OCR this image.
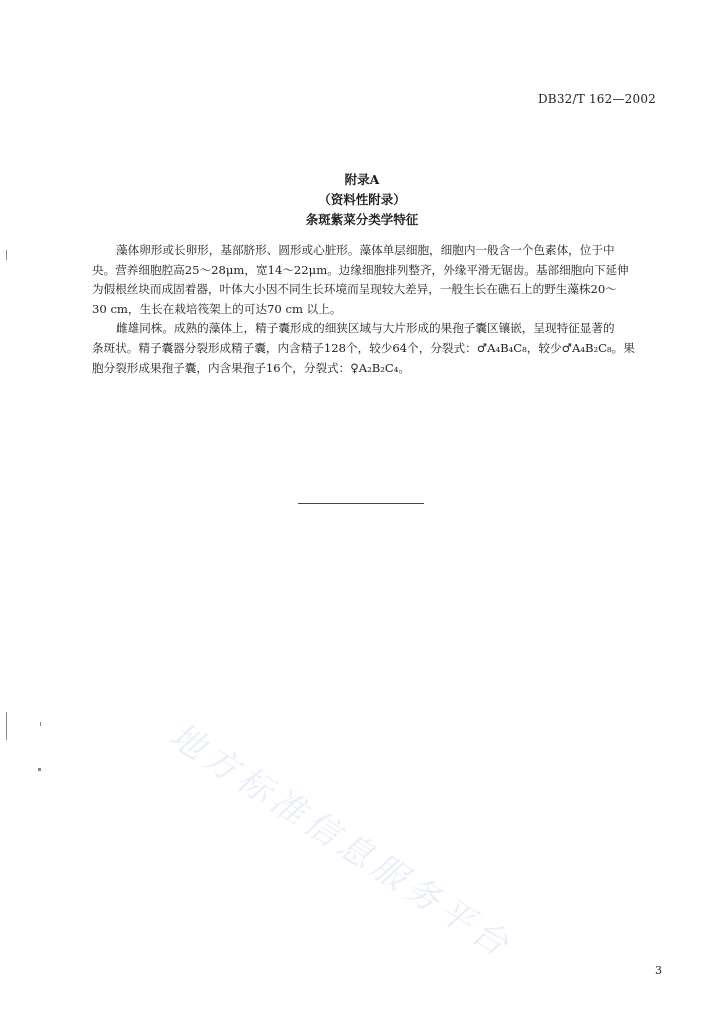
DB32/T 162—2002
附录A
（资料性附录）
条斑紫菜分类学特征
藻体卵形或长卵形，基部脐形、圆形或心脏形。藻体单层细胞，细胞内一般含一个色素体，位于中
央。营养细胞腔高25～28μm，宽14～22μm。边缘细胞排列整齐，外缘平滑无锯齿。基部细胞向下延伸
为假根丝块而成固着器，叶体大小因不同生长环境而呈现较大差异，一般生长在礁石上的野生藻株20～
30 cm，生长在栽培筏架上的可达70 cm 以上。
雌雄同株。成熟的藻体上，精子囊形成的细狭区域与大片形成的果孢子囊区镶嵌，呈现特征显著的
条斑状。精子囊器分裂形成精子囊，内含精子128个，较少64个，分裂式：♂A₄B₄C₈，较少♂A₄B₂C₈。果
胞分裂形成果孢子囊，内含果孢子16个，分裂式：♀A₂B₂C₄。
地方标准信息服务平台
3
